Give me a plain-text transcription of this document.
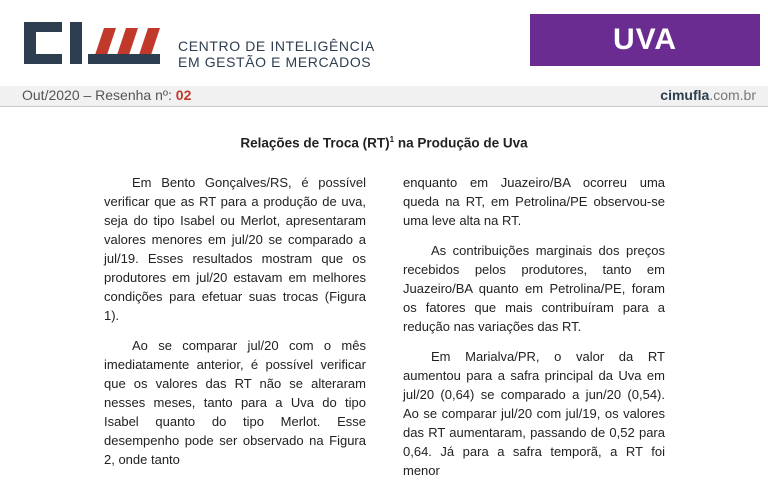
CENTRO DE INTELIGÊNCIA
EM GESTÃO E MERCADOS
UVA
Out/2020 – Resenha nº: 02	cimufla.com.br
Relações de Troca (RT)$^1$ na Produção de Uva

Em Bento Gonçalves/RS, é possível verificar que as RT para a produção de uva, seja do tipo Isabel ou Merlot, apresentaram valores menores em jul/20 se comparado a jul/19. Esses resultados mostram que os produtores em jul/20 estavam em melhores condições para efetuar suas trocas (Figura 1).

Ao se comparar jul/20 com o mês imediatamente anterior, é possível verificar que os valores das RT não se alteraram nesses meses, tanto para a Uva do tipo Isabel quanto do tipo Merlot. Esse desempenho pode ser observado na Figura 2, onde tanto

enquanto em Juazeiro/BA ocorreu uma queda na RT, em Petrolina/PE observou-se uma leve alta na RT.

As contribuições marginais dos preços recebidos pelos produtores, tanto em Juazeiro/BA quanto em Petrolina/PE, foram os fatores que mais contribuíram para a redução nas variações das RT.

Em Marialva/PR, o valor da RT aumentou para a safra principal da Uva em jul/20 (0,64) se comparado a jun/20 (0,54). Ao se comparar jul/20 com jul/19, os valores das RT aumentaram, passando de 0,52 para 0,64. Já para a safra temporã, a RT foi menor
